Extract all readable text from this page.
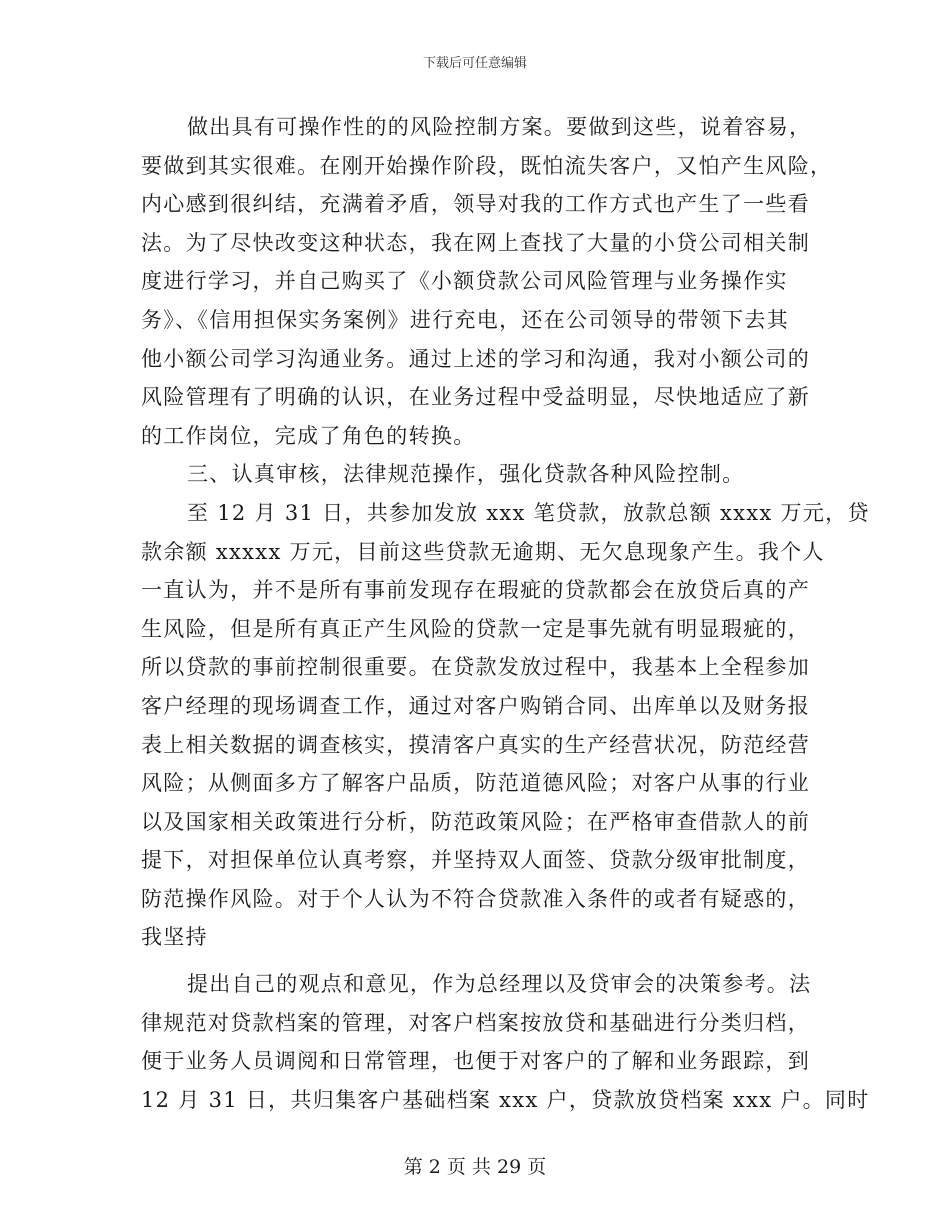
下载后可任意编辑
做出具有可操作性的的风险控制方案。要做到这些，说着容易，
要做到其实很难。在刚开始操作阶段，既怕流失客户，又怕产生风险，
内心感到很纠结，充满着矛盾，领导对我的工作方式也产生了一些看
法。为了尽快改变这种状态，我在网上查找了大量的小贷公司相关制
度进行学习，并自己购买了《小额贷款公司风险管理与业务操作实
务》、《信用担保实务案例》进行充电，还在公司领导的带领下去其
他小额公司学习沟通业务。通过上述的学习和沟通，我对小额公司的
风险管理有了明确的认识，在业务过程中受益明显，尽快地适应了新
的工作岗位，完成了角色的转换。
三、认真审核，法律规范操作，强化贷款各种风险控制。
至 12 月 31 日，共参加发放 xxx 笔贷款，放款总额 xxxx 万元，贷
款余额 xxxxx 万元，目前这些贷款无逾期、无欠息现象产生。我个人
一直认为，并不是所有事前发现存在瑕疵的贷款都会在放贷后真的产
生风险，但是所有真正产生风险的贷款一定是事先就有明显瑕疵的，
所以贷款的事前控制很重要。在贷款发放过程中，我基本上全程参加
客户经理的现场调查工作，通过对客户购销合同、出库单以及财务报
表上相关数据的调查核实，摸清客户真实的生产经营状况，防范经营
风险；从侧面多方了解客户品质，防范道德风险；对客户从事的行业
以及国家相关政策进行分析，防范政策风险；在严格审查借款人的前
提下，对担保单位认真考察，并坚持双人面签、贷款分级审批制度，
防范操作风险。对于个人认为不符合贷款准入条件的或者有疑惑的，
我坚持
提出自己的观点和意见，作为总经理以及贷审会的决策参考。法
律规范对贷款档案的管理，对客户档案按放贷和基础进行分类归档，
便于业务人员调阅和日常管理，也便于对客户的了解和业务跟踪，到
12 月 31 日，共归集客户基础档案 xxx 户，贷款放贷档案 xxx 户。同时
第 2 页 共 29 页
